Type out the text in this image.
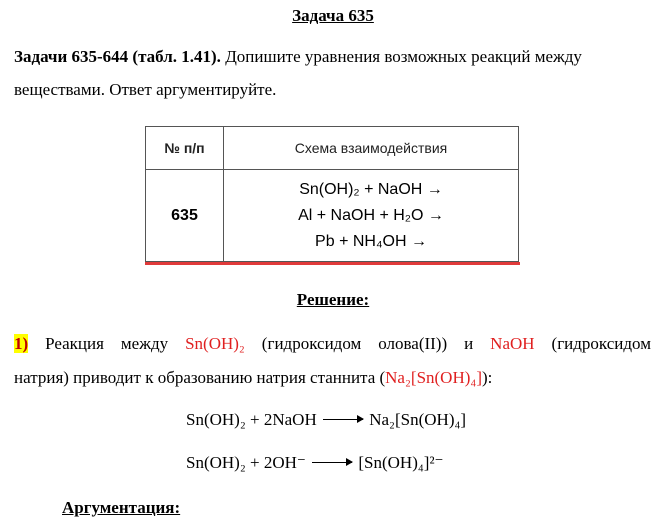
Задача 635
Задачи 635-644 (табл. 1.41). Допишите уравнения возможных реакций между
веществами. Ответ аргументируйте.
№ п/п	Схема взаимодействия
635	Sn(OH)₂ + NaOH →
Al + NaOH + H₂O →
Pb + NH₄OH →
Решение:
1) Реакция между Sn(OH)₂ (гидроксидом олова(II)) и NaOH (гидроксидом
натрия) приводит к образованию натрия станнита (Na₂[Sn(OH)₄]):
Sn(OH)₂ + 2NaOH	Na₂[Sn(OH)₄]
Sn(OH)₂ + 2OH⁻	[Sn(OH)₄]²⁻
Аргументация:
